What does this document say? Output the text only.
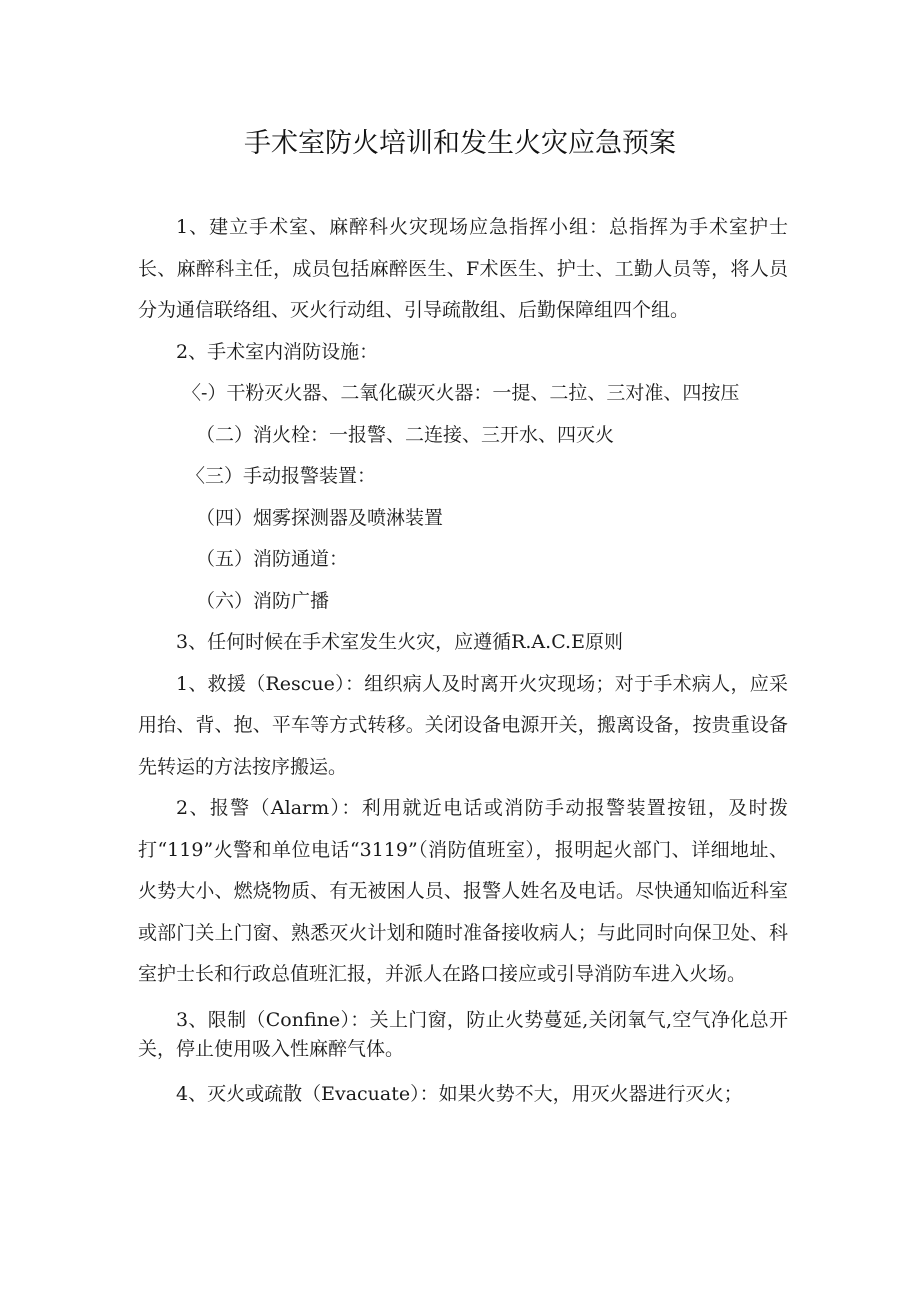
手术室防火培训和发生火灾应急预案

1、建立手术室、麻醉科火灾现场应急指挥小组：总指挥为手术室护士长、麻醉科主任，成员包括麻醉医生、F术医生、护士、工勤人员等，将人员分为通信联络组、灭火行动组、引导疏散组、后勤保障组四个组。

2、手术室内消防设施：

〈-）干粉灭火器、二氧化碳灭火器：一提、二拉、三对准、四按压

（二）消火栓：一报警、二连接、三开水、四灭火

〈三）手动报警装置：

（四）烟雾探测器及喷淋装置

（五）消防通道：

（六）消防广播

3、任何时候在手术室发生火灾，应遵循R.A.C.E原则

1、救援（Rescue）：组织病人及时离开火灾现场；对于手术病人，应采用抬、背、抱、平车等方式转移。关闭设备电源开关，搬离设备，按贵重设备先转运的方法按序搬运。

2、报警（Alarm）：利用就近电话或消防手动报警装置按钮，及时拨打“119”火警和单位电话“3119”（消防值班室），报明起火部门、详细地址、火势大小、燃烧物质、有无被困人员、报警人姓名及电话。尽快通知临近科室或部门关上门窗、熟悉灭火计划和随时准备接收病人；与此同时向保卫处、科室护士长和行政总值班汇报，并派人在路口接应或引导消防车进入火场。

3、限制（Confine）：关上门窗，防止火势蔓延,关闭氧气,空气净化总开关，停止使用吸入性麻醉气体。

4、灭火或疏散（Evacuate）：如果火势不大，用灭火器进行灭火；
